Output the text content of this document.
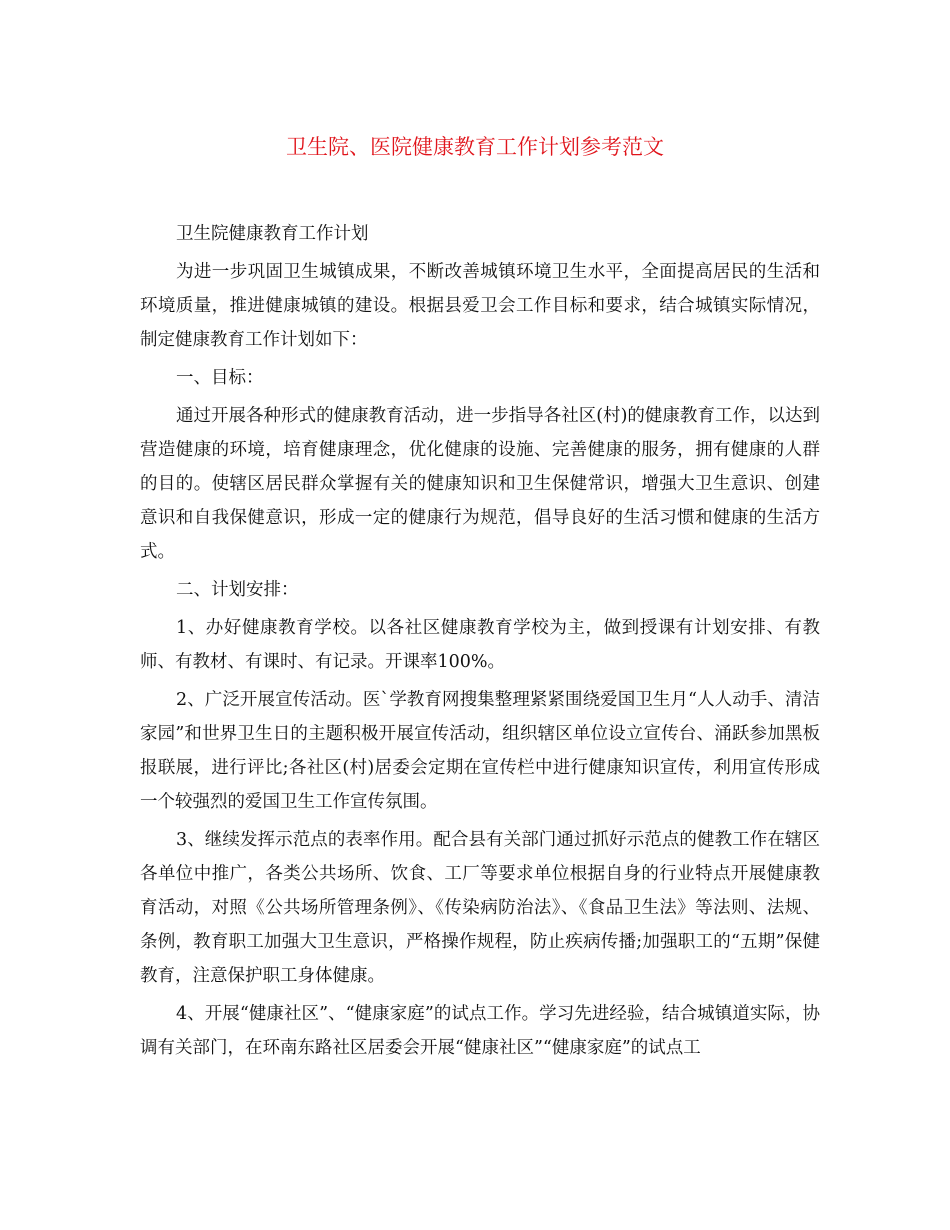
卫生院、医院健康教育工作计划参考范文

卫生院健康教育工作计划

为进一步巩固卫生城镇成果，不断改善城镇环境卫生水平，全面提高居民的生活和环境质量，推进健康城镇的建设。根据县爱卫会工作目标和要求，结合城镇实际情况，制定健康教育工作计划如下：

一、目标：

通过开展各种形式的健康教育活动，进一步指导各社区(村)的健康教育工作，以达到营造健康的环境，培育健康理念，优化健康的设施、完善健康的服务，拥有健康的人群的目的。使辖区居民群众掌握有关的健康知识和卫生保健常识，增强大卫生意识、创建意识和自我保健意识，形成一定的健康行为规范，倡导良好的生活习惯和健康的生活方式。

二、计划安排：

1、办好健康教育学校。以各社区健康教育学校为主，做到授课有计划安排、有教师、有教材、有课时、有记录。开课率100%。

2、广泛开展宣传活动。医`学教育网搜集整理紧紧围绕爱国卫生月“人人动手、清洁家园”和世界卫生日的主题积极开展宣传活动，组织辖区单位设立宣传台、涌跃参加黑板报联展，进行评比;各社区(村)居委会定期在宣传栏中进行健康知识宣传，利用宣传形成一个较强烈的爱国卫生工作宣传氛围。

3、继续发挥示范点的表率作用。配合县有关部门通过抓好示范点的健教工作在辖区各单位中推广，各类公共场所、饮食、工厂等要求单位根据自身的行业特点开展健康教育活动，对照《公共场所管理条例》、《传染病防治法》、《食品卫生法》等法则、法规、条例，教育职工加强大卫生意识，严格操作规程，防止疾病传播;加强职工的“五期”保健教育，注意保护职工身体健康。

4、开展“健康社区”、“健康家庭”的试点工作。学习先进经验，结合城镇道实际，协调有关部门，在环南东路社区居委会开展“健康社区”“健康家庭”的试点工
